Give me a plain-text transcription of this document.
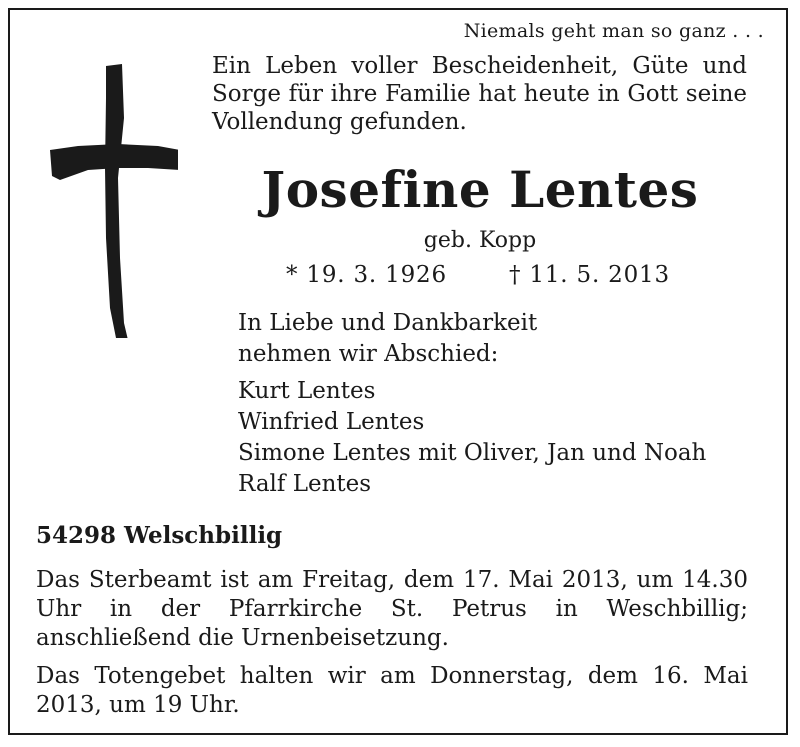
Niemals geht man so ganz . . .
Ein Leben voller Bescheidenheit, Güte und Sorge für ihre Familie hat heute in Gott seine Vollendung gefunden.
Josefine Lentes
geb. Kopp
* 19. 3. 1926	† 11. 5. 2013
In Liebe und Dankbarkeit
nehmen wir Abschied:
Kurt Lentes
Winfried Lentes
Simone Lentes mit Oliver, Jan und Noah
Ralf Lentes
54298 Welschbillig
Das Sterbeamt ist am Freitag, dem 17. Mai 2013, um 14.30 Uhr in der Pfarrkirche St. Petrus in Weschbillig; anschließend die Urnenbeisetzung.
Das Totengebet halten wir am Donnerstag, dem 16. Mai 2013, um 19 Uhr.
